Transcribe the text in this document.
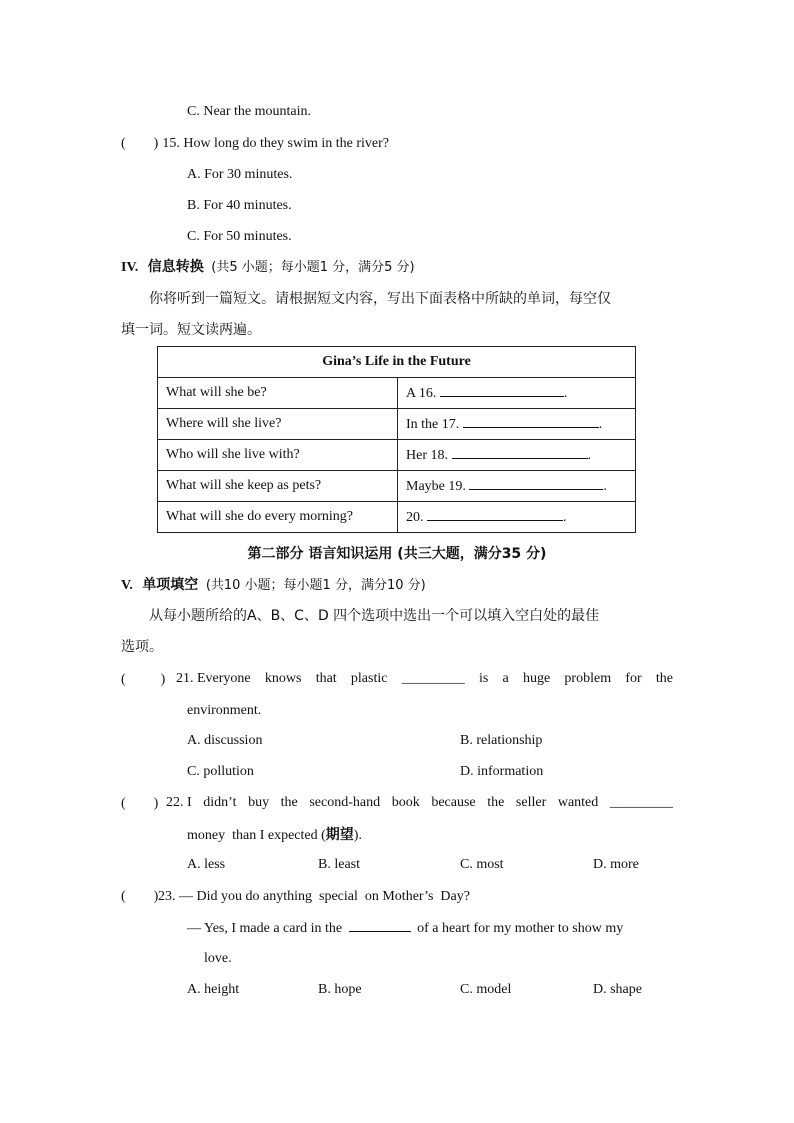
C. Near the mountain.
(        ) 15. How long do they swim in the river?
A. For 30 minutes.
B. For 40 minutes.
C. For 50 minutes.
IV. 信息转换 (共5 小题；每小题1 分，满分5 分)
你将听到一篇短文。请根据短文内容，写出下面表格中所缺的单词，每空仅
填一词。短文读两遍。
Gina’s Life in the Future	
What will she be?	A 16. .
Where will she live?	In the 17. .
Who will she live with?	Her 18. .
What will she keep as pets?	Maybe 19. .
What will she do every morning?	20. .
第二部分 语言知识运用 (共三大题，满分35 分)
V. 单项填空 (共10 小题；每小题1 分，满分10 分)
从每小题所给的A、B、C、D 四个选项中选出一个可以填入空白处的最佳
选项。
(          ) 21. Everyone knows that plastic _________ is a huge problem for the
environment.
A. discussion	B. relationship
C. pollution	D. information
(        ) 22. I didn’t buy the second-hand book because the seller wanted _________
money  than I expected (期望).
A. less	B. least	C. most	D. more
(        ) 23. — Did you do anything  special  on Mother’s  Day?
— Yes, I made a card in the	of a heart for my mother to show my
love.
A. height	B. hope	C. model	D. shape
